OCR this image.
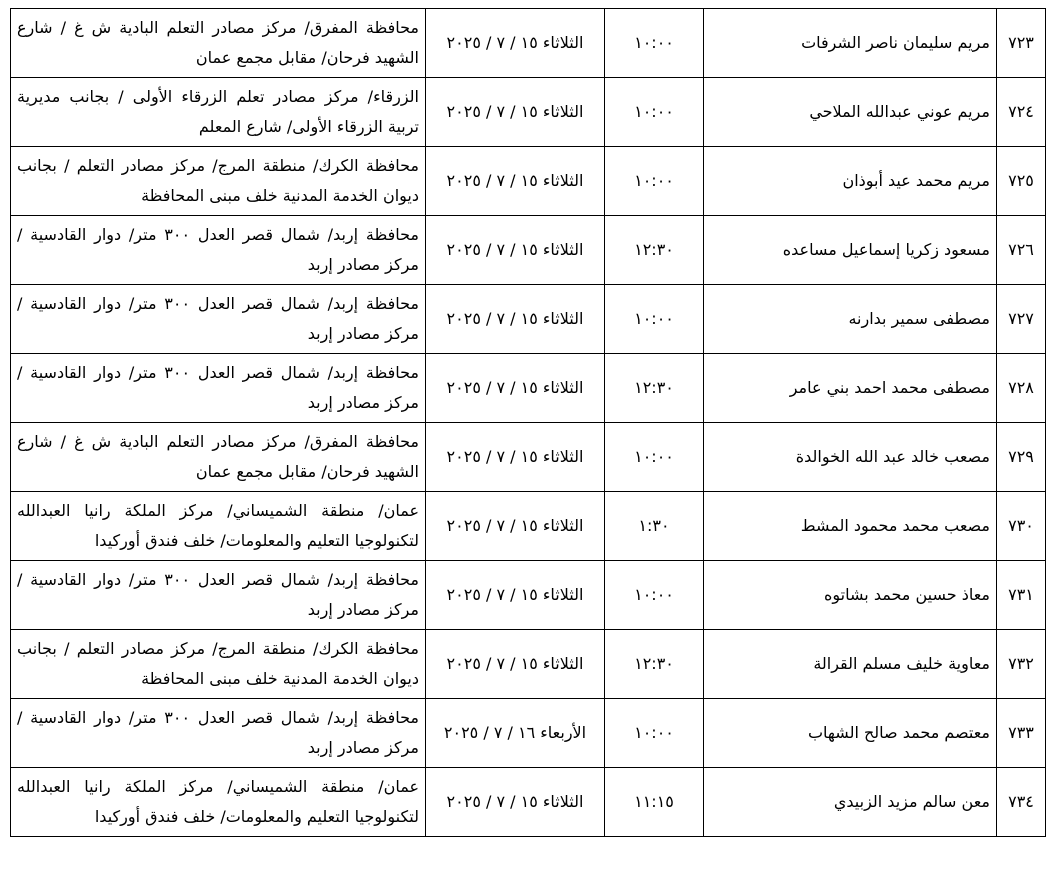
٧٢٣	مريم سليمان ناصر الشرفات	١٠:٠٠	الثلاثاء ١٥ / ٧ / ٢٠٢٥	محافظة المفرق/ مركز مصادر التعلم البادية ش غ / شارع الشهيد فرحان/ مقابل مجمع عمان
٧٢٤	مريم عوني عبدالله الملاحي	١٠:٠٠	الثلاثاء ١٥ / ٧ / ٢٠٢٥	الزرقاء/ مركز مصادر تعلم الزرقاء الأولى / بجانب مديرية تربية الزرقاء الأولى/ شارع المعلم
٧٢٥	مريم محمد عيد أبوذان	١٠:٠٠	الثلاثاء ١٥ / ٧ / ٢٠٢٥	محافظة الكرك/ منطقة المرج/ مركز مصادر التعلم / بجانب ديوان الخدمة المدنية خلف مبنى المحافظة
٧٢٦	مسعود زكريا إسماعيل مساعده	١٢:٣٠	الثلاثاء ١٥ / ٧ / ٢٠٢٥	محافظة إربد/ شمال قصر العدل ٣٠٠ متر/ دوار القادسية / مركز مصادر إربد
٧٢٧	مصطفى سمير بدارنه	١٠:٠٠	الثلاثاء ١٥ / ٧ / ٢٠٢٥	محافظة إربد/ شمال قصر العدل ٣٠٠ متر/ دوار القادسية / مركز مصادر إربد
٧٢٨	مصطفى محمد احمد بني عامر	١٢:٣٠	الثلاثاء ١٥ / ٧ / ٢٠٢٥	محافظة إربد/ شمال قصر العدل ٣٠٠ متر/ دوار القادسية / مركز مصادر إربد
٧٢٩	مصعب خالد عبد الله الخوالدة	١٠:٠٠	الثلاثاء ١٥ / ٧ / ٢٠٢٥	محافظة المفرق/ مركز مصادر التعلم البادية ش غ / شارع الشهيد فرحان/ مقابل مجمع عمان
٧٣٠	مصعب محمد محمود المشط	١:٣٠	الثلاثاء ١٥ / ٧ / ٢٠٢٥	عمان/ منطقة الشميساني/ مركز الملكة رانيا العبدالله لتكنولوجيا التعليم والمعلومات/ خلف فندق أوركيدا
٧٣١	معاذ حسين محمد بشاتوه	١٠:٠٠	الثلاثاء ١٥ / ٧ / ٢٠٢٥	محافظة إربد/ شمال قصر العدل ٣٠٠ متر/ دوار القادسية / مركز مصادر إربد
٧٣٢	معاوية خليف مسلم القرالة	١٢:٣٠	الثلاثاء ١٥ / ٧ / ٢٠٢٥	محافظة الكرك/ منطقة المرج/ مركز مصادر التعلم / بجانب ديوان الخدمة المدنية خلف مبنى المحافظة
٧٣٣	معتصم محمد صالح الشهاب	١٠:٠٠	الأربعاء ١٦ / ٧ / ٢٠٢٥	محافظة إربد/ شمال قصر العدل ٣٠٠ متر/ دوار القادسية / مركز مصادر إربد
٧٣٤	معن سالم مزيد الزبيدي	١١:١٥	الثلاثاء ١٥ / ٧ / ٢٠٢٥	عمان/ منطقة الشميساني/ مركز الملكة رانيا العبدالله لتكنولوجيا التعليم والمعلومات/ خلف فندق أوركيدا
